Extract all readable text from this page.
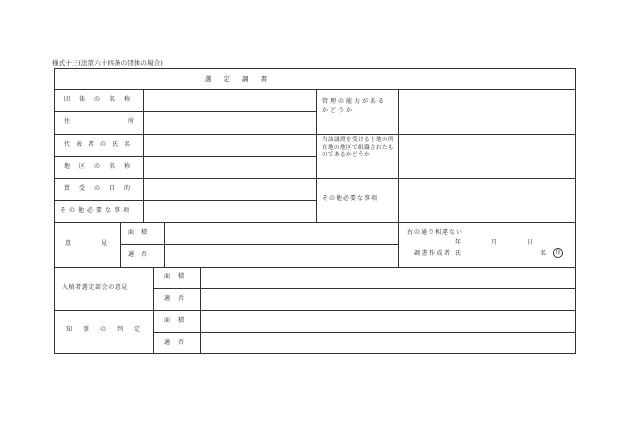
様式十三(法第六十四条の団体の場合)
選定調書
団体の名称
住所
代表者の氏名
地区の名称
買受の目的
その他必要な事項
管理の能力があるかどうか
当該譲渡を受ける土地の所在地の地区で組織されたものであるかどうか
その他必要な事項
意見
面積
適否
右の通り相違ない
年 月 日
調書作成者 氏	名	印
入植者選定部会の意見
面積
適否
知事の判定
面積
適否
